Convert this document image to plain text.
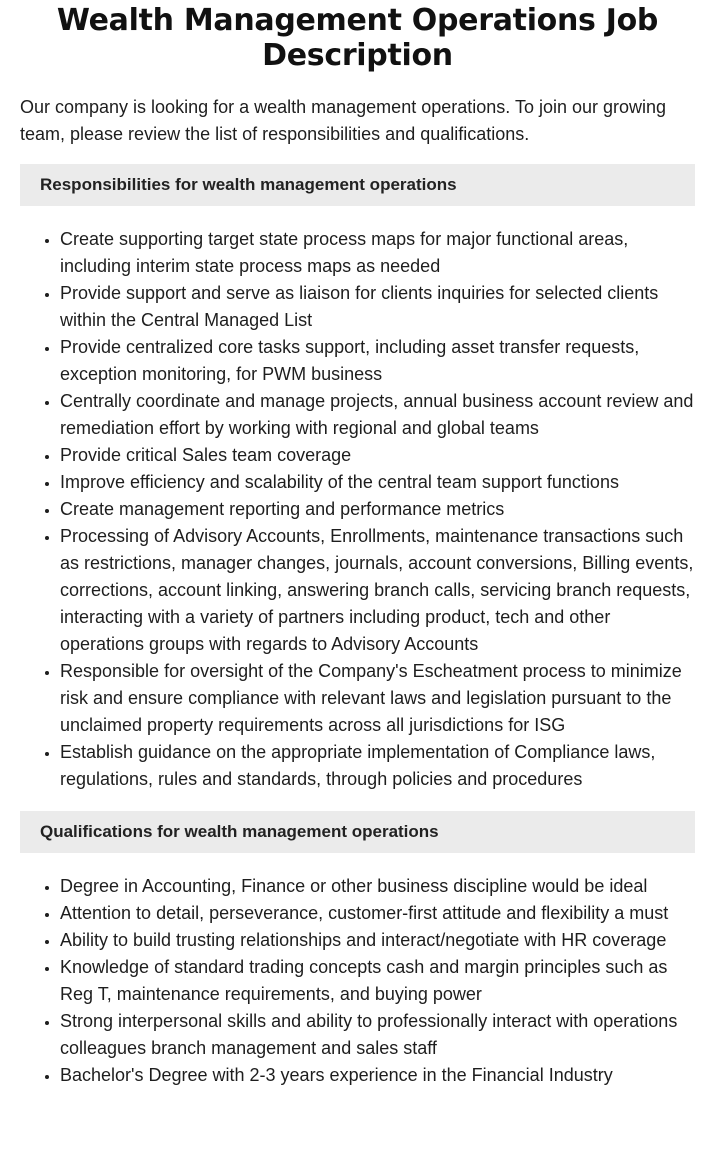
Wealth Management Operations Job Description

Our company is looking for a wealth management operations. To join our growing team, please review the list of responsibilities and qualifications.

Responsibilities for wealth management operations
• Create supporting target state process maps for major functional areas, including interim state process maps as needed
• Provide support and serve as liaison for clients inquiries for selected clients within the Central Managed List
• Provide centralized core tasks support, including asset transfer requests, exception monitoring, for PWM business
• Centrally coordinate and manage projects, annual business account review and remediation effort by working with regional and global teams
• Provide critical Sales team coverage
• Improve efficiency and scalability of the central team support functions
• Create management reporting and performance metrics
• Processing of Advisory Accounts, Enrollments, maintenance transactions such as restrictions, manager changes, journals, account conversions, Billing events, corrections, account linking, answering branch calls, servicing branch requests, interacting with a variety of partners including product, tech and other operations groups with regards to Advisory Accounts
• Responsible for oversight of the Company's Escheatment process to minimize risk and ensure compliance with relevant laws and legislation pursuant to the unclaimed property requirements across all jurisdictions for ISG
• Establish guidance on the appropriate implementation of Compliance laws, regulations, rules and standards, through policies and procedures
Qualifications for wealth management operations
• Degree in Accounting, Finance or other business discipline would be ideal
• Attention to detail, perseverance, customer-first attitude and flexibility a must
• Ability to build trusting relationships and interact/negotiate with HR coverage
• Knowledge of standard trading concepts cash and margin principles such as Reg T, maintenance requirements, and buying power
• Strong interpersonal skills and ability to professionally interact with operations colleagues branch management and sales staff
• Bachelor's Degree with 2-3 years experience in the Financial Industry
